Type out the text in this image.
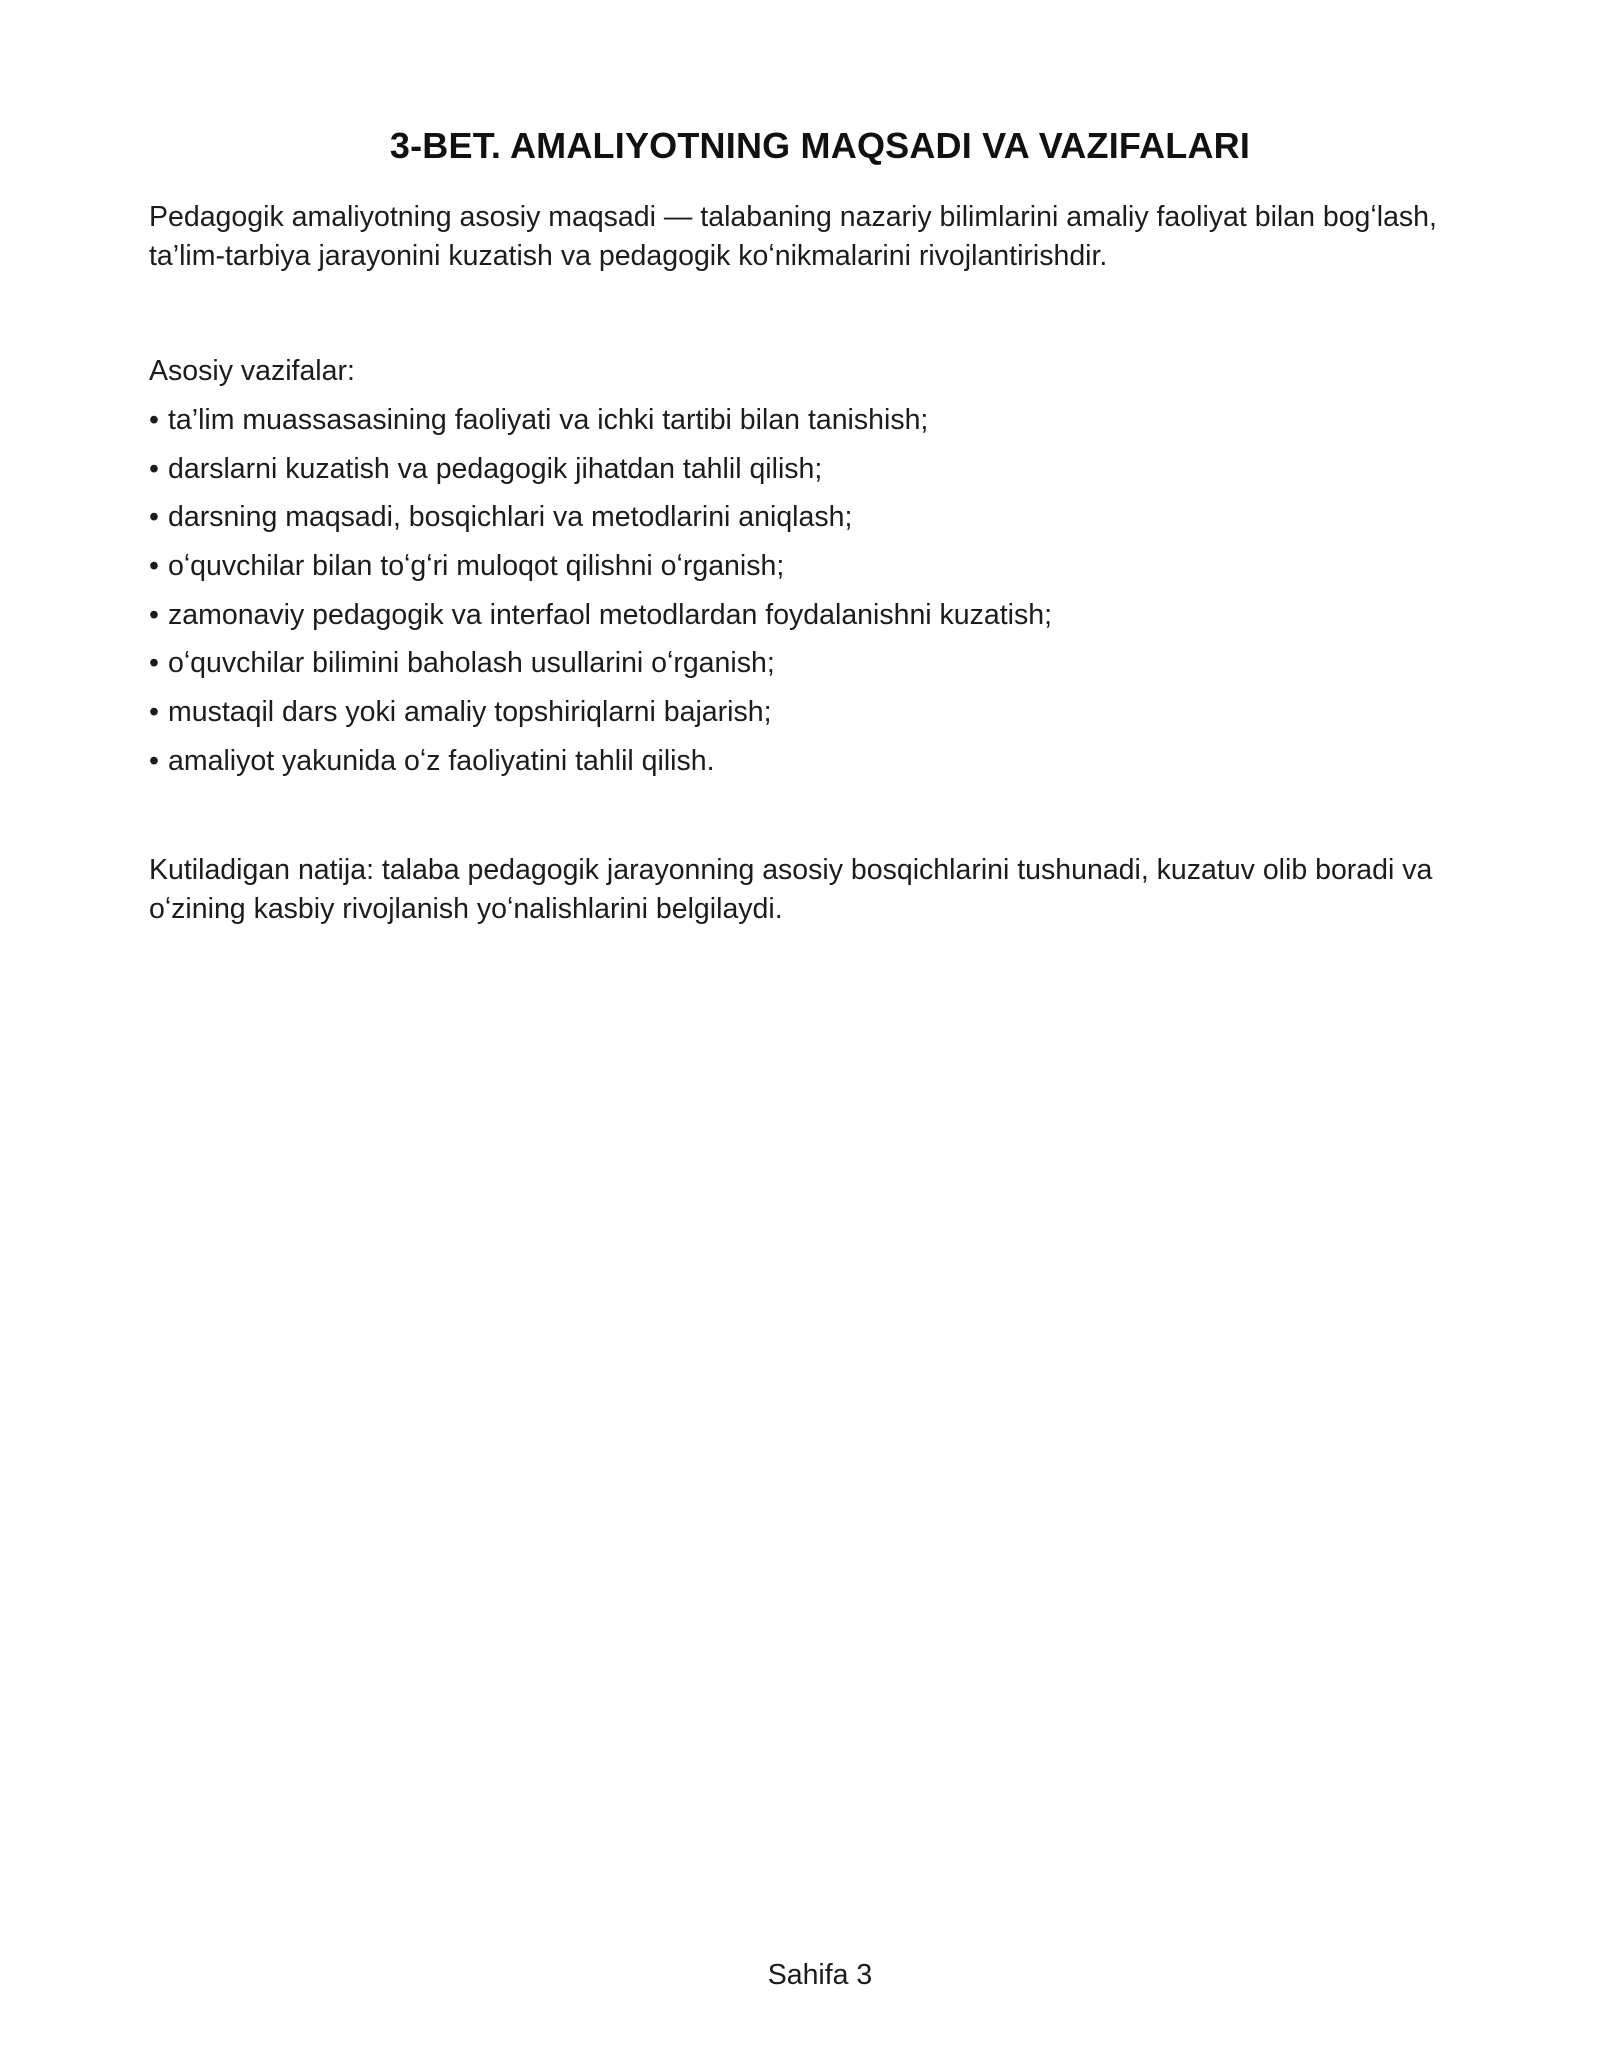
3-BET. AMALIYOTNING MAQSADI VA VAZIFALARI

Pedagogik amaliyotning asosiy maqsadi — talabaning nazariy bilimlarini amaliy faoliyat bilan bogʻlash, ta’lim-tarbiya jarayonini kuzatish va pedagogik koʻnikmalarini rivojlantirishdir.

Asosiy vazifalar:

• ta’lim muassasasining faoliyati va ichki tartibi bilan tanishish;
• darslarni kuzatish va pedagogik jihatdan tahlil qilish;
• darsning maqsadi, bosqichlari va metodlarini aniqlash;
• oʻquvchilar bilan toʻgʻri muloqot qilishni oʻrganish;
• zamonaviy pedagogik va interfaol metodlardan foydalanishni kuzatish;
• oʻquvchilar bilimini baholash usullarini oʻrganish;
• mustaqil dars yoki amaliy topshiriqlarni bajarish;
• amaliyot yakunida oʻz faoliyatini tahlil qilish.

Kutiladigan natija: talaba pedagogik jarayonning asosiy bosqichlarini tushunadi, kuzatuv olib boradi va oʻzining kasbiy rivojlanish yoʻnalishlarini belgilaydi.

Sahifa 3
